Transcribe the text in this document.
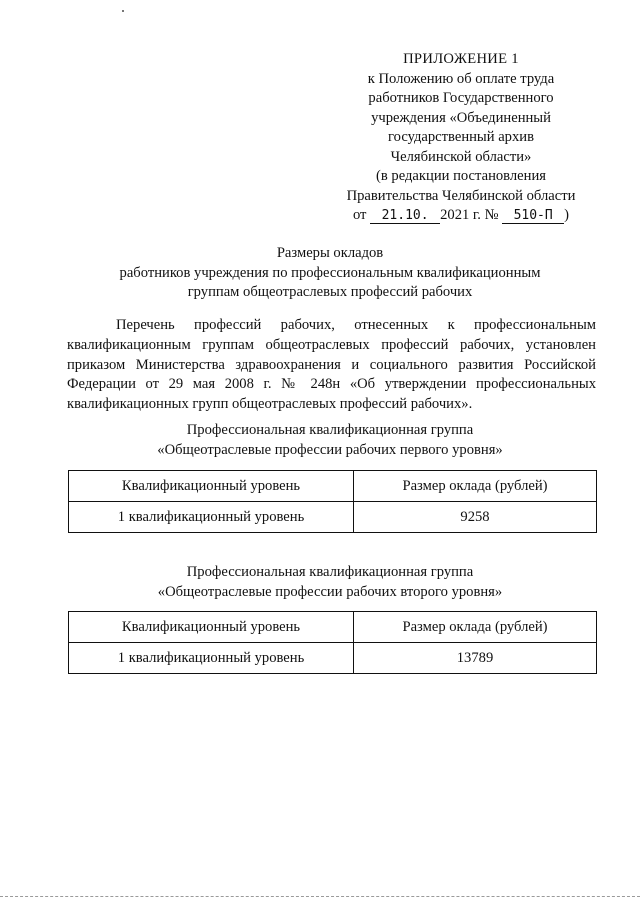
ПРИЛОЖЕНИЕ 1
к Положению об оплате труда
работников Государственного
учреждения «Объединенный
государственный архив
Челябинской области»
(в редакции постановления
Правительства Челябинской области
от 21.10. 2021 г. № 510-П )
Размеры окладов
работников учреждения по профессиональным квалификационным
группам общеотраслевых профессий рабочих

Перечень профессий рабочих, отнесенных к профессиональным квалификационным группам общеотраслевых профессий рабочих, установлен приказом Министерства здравоохранения и социального развития Российской Федерации от 29 мая 2008 г. № 248н «Об утверждении профессиональных квалификационных групп общеотраслевых профессий рабочих».

Профессиональная квалификационная группа
«Общеотраслевые профессии рабочих первого уровня»
Квалификационный уровень	Размер оклада (рублей)
1 квалификационный уровень	9258
Профессиональная квалификационная группа
«Общеотраслевые профессии рабочих второго уровня»
Квалификационный уровень	Размер оклада (рублей)
1 квалификационный уровень	13789
